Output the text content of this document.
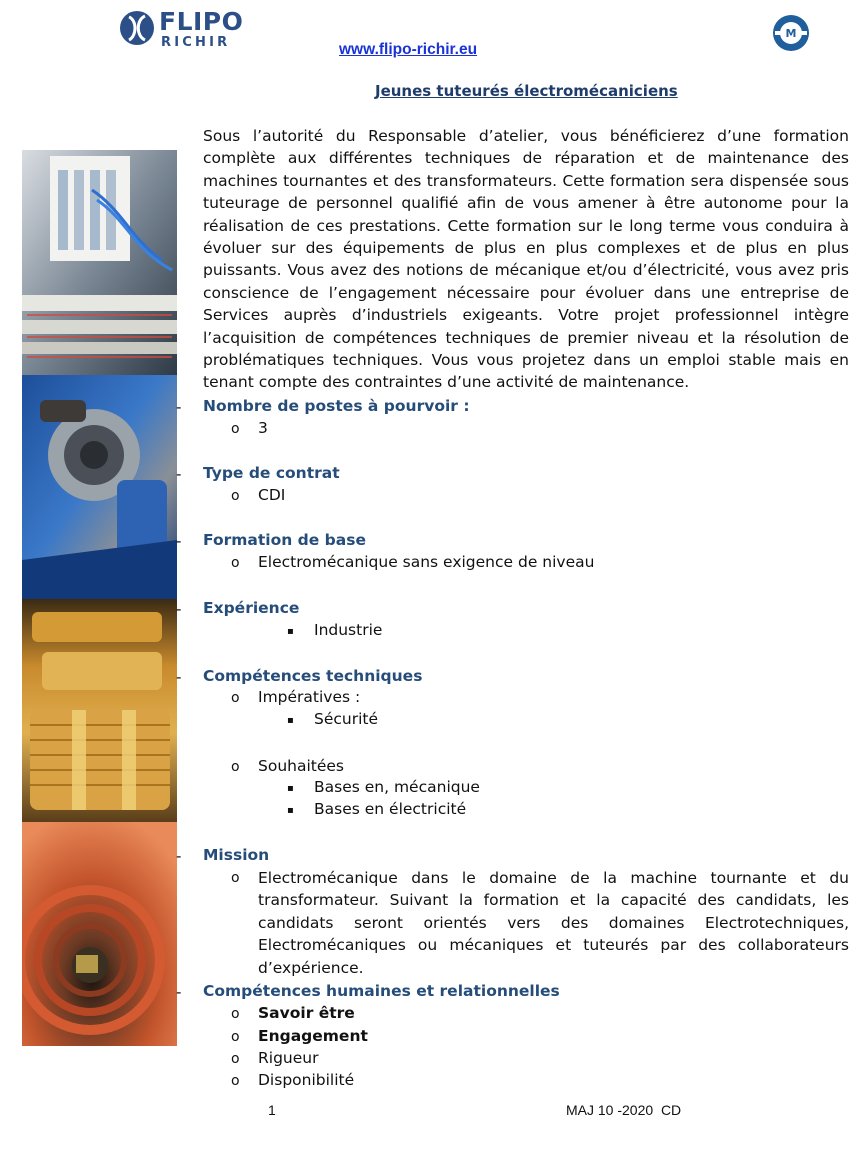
FLIPO
RICHIR
M
www.flipo-richir.eu
Jeunes tuteurés électromécaniciens

Sous l’autorité du Responsable d’atelier, vous bénéficierez d’une formation complète aux différentes techniques de réparation et de maintenance des machines tournantes et des transformateurs. Cette formation sera dispensée sous tuteurage de personnel qualifié afin de vous amener à être autonome pour la réalisation de ces prestations. Cette formation sur le long terme vous conduira à évoluer sur des équipements de plus en plus complexes et de plus en plus puissants. Vous avez des notions de mécanique et/ou d’électricité, vous avez pris conscience de l’engagement nécessaire pour évoluer dans une entreprise de Services auprès d’industriels exigeants. Votre projet professionnel intègre l’acquisition de compétences techniques de premier niveau et la résolution de problématiques techniques. Vous vous projetez dans un emploi stable mais en tenant compte des contraintes d’une activité de maintenance.

- Nombre de postes à pourvoir :
o 3
- Type de contrat
o CDI
- Formation de base
o Electromécanique sans exigence de niveau
- Expérience
▪ Industrie
- Compétences techniques
o Impératives :
▪ Sécurité
o Souhaitées
▪ Bases en, mécanique
▪ Bases en électricité
- Mission
o Electromécanique dans le domaine de la machine tournante et du transformateur. Suivant la formation et la capacité des candidats, les candidats seront orientés vers des domaines Electrotechniques, Electromécaniques ou mécaniques et tuteurés par des collaborateurs d’expérience.

- Compétences humaines et relationnelles
o Savoir être
o Engagement
o Rigueur
o Disponibilité
1	MAJ 10 -2020  CD
